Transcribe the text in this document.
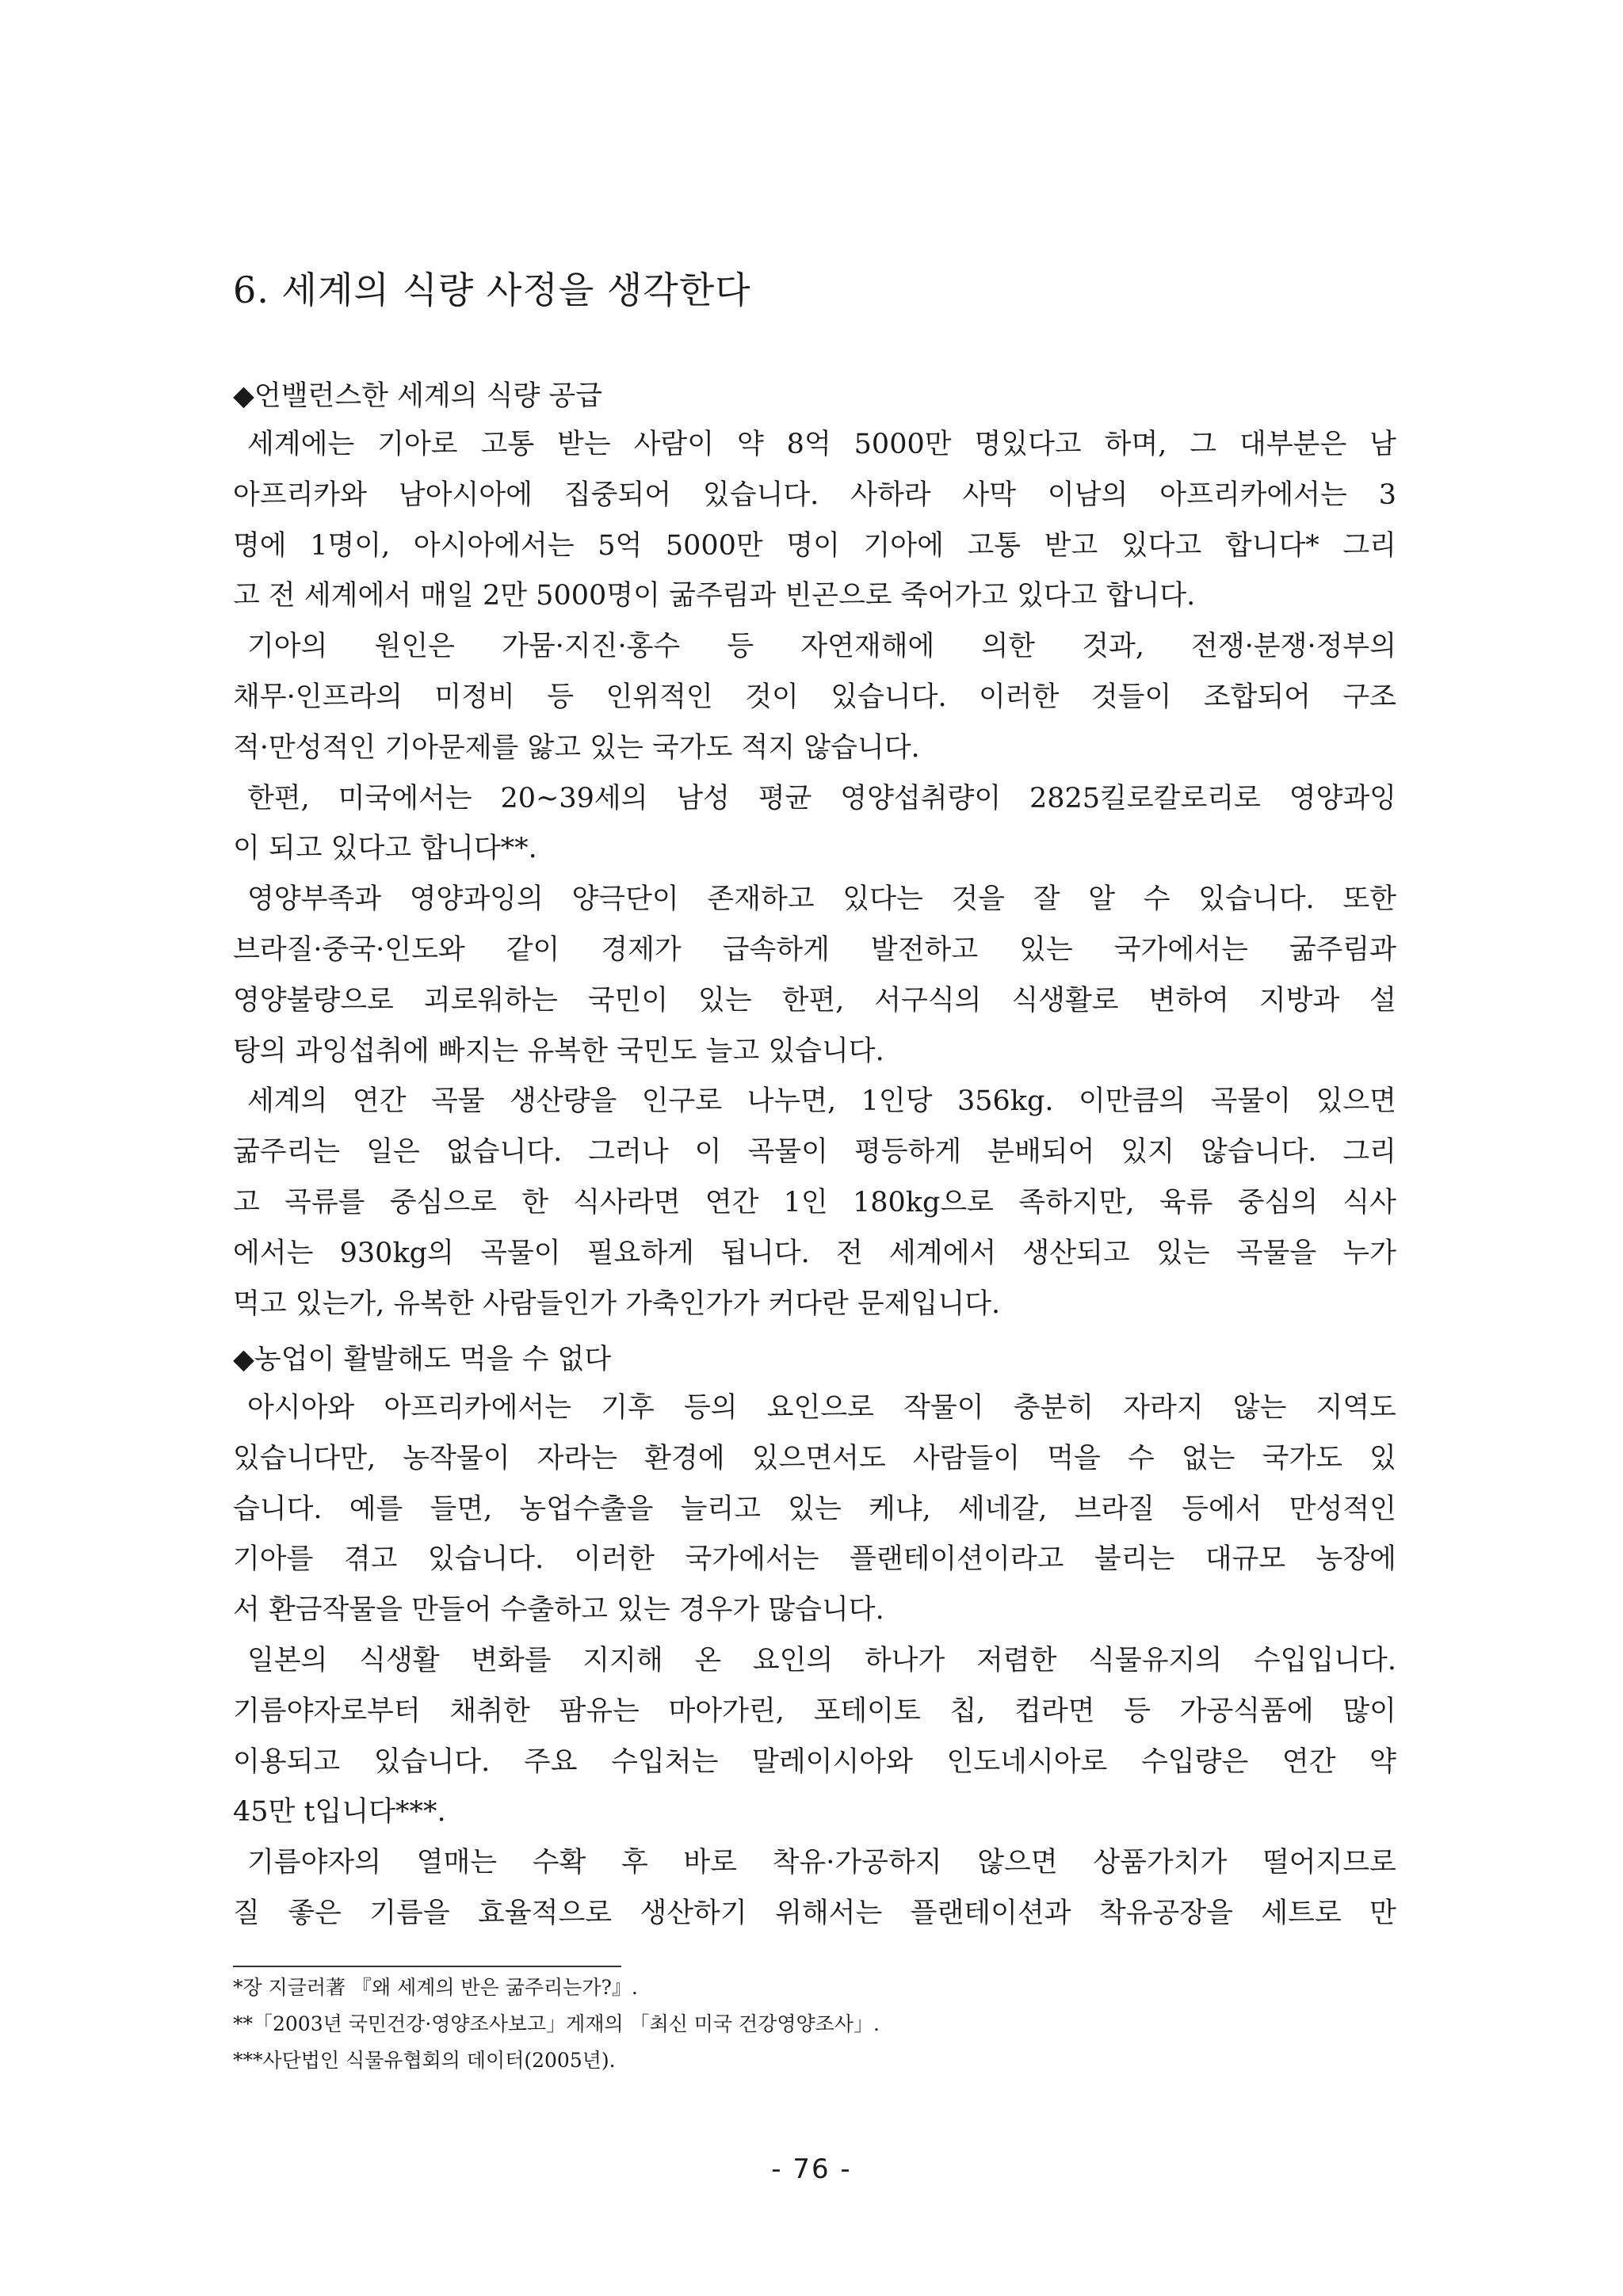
6. 세계의 식량 사정을 생각한다
◆언밸런스한 세계의 식량 공급
세계에는 기아로 고통 받는 사람이 약 8억 5000만 명있다고 하며, 그 대부분은 남
아프리카와 남아시아에 집중되어 있습니다. 사하라 사막 이남의 아프리카에서는 3
명에 1명이, 아시아에서는 5억 5000만 명이 기아에 고통 받고 있다고 합니다* 그리
고 전 세계에서 매일 2만 5000명이 굶주림과 빈곤으로 죽어가고 있다고 합니다.
기아의 원인은 가뭄·지진·홍수 등 자연재해에 의한 것과, 전쟁·분쟁·정부의
채무·인프라의 미정비 등 인위적인 것이 있습니다. 이러한 것들이 조합되어 구조
적·만성적인 기아문제를 앓고 있는 국가도 적지 않습니다.
한편, 미국에서는 20~39세의 남성 평균 영양섭취량이 2825킬로칼로리로 영양과잉
이 되고 있다고 합니다**.
영양부족과 영양과잉의 양극단이 존재하고 있다는 것을 잘 알 수 있습니다. 또한
브라질·중국·인도와 같이 경제가 급속하게 발전하고 있는 국가에서는 굶주림과
영양불량으로 괴로워하는 국민이 있는 한편, 서구식의 식생활로 변하여 지방과 설
탕의 과잉섭취에 빠지는 유복한 국민도 늘고 있습니다.
세계의 연간 곡물 생산량을 인구로 나누면, 1인당 356kg. 이만큼의 곡물이 있으면
굶주리는 일은 없습니다. 그러나 이 곡물이 평등하게 분배되어 있지 않습니다. 그리
고 곡류를 중심으로 한 식사라면 연간 1인 180kg으로 족하지만, 육류 중심의 식사
에서는 930kg의 곡물이 필요하게 됩니다. 전 세계에서 생산되고 있는 곡물을 누가
먹고 있는가, 유복한 사람들인가 가축인가가 커다란 문제입니다.
◆농업이 활발해도 먹을 수 없다
아시아와 아프리카에서는 기후 등의 요인으로 작물이 충분히 자라지 않는 지역도
있습니다만, 농작물이 자라는 환경에 있으면서도 사람들이 먹을 수 없는 국가도 있
습니다. 예를 들면, 농업수출을 늘리고 있는 케냐, 세네갈, 브라질 등에서 만성적인
기아를 겪고 있습니다. 이러한 국가에서는 플랜테이션이라고 불리는 대규모 농장에
서 환금작물을 만들어 수출하고 있는 경우가 많습니다.
일본의 식생활 변화를 지지해 온 요인의 하나가 저렴한 식물유지의 수입입니다.
기름야자로부터 채취한 팜유는 마아가린, 포테이토 칩, 컵라면 등 가공식품에 많이
이용되고 있습니다. 주요 수입처는 말레이시아와 인도네시아로 수입량은 연간 약
45만 t입니다***.
기름야자의 열매는 수확 후 바로 착유·가공하지 않으면 상품가치가 떨어지므로
질 좋은 기름을 효율적으로 생산하기 위해서는 플랜테이션과 착유공장을 세트로 만
*장 지글러著 『왜 세계의 반은 굶주리는가?』.
**「2003년 국민건강·영양조사보고」게재의 「최신 미국 건강영양조사」.
***사단법인 식물유협회의 데이터(2005년).
- 76 -
